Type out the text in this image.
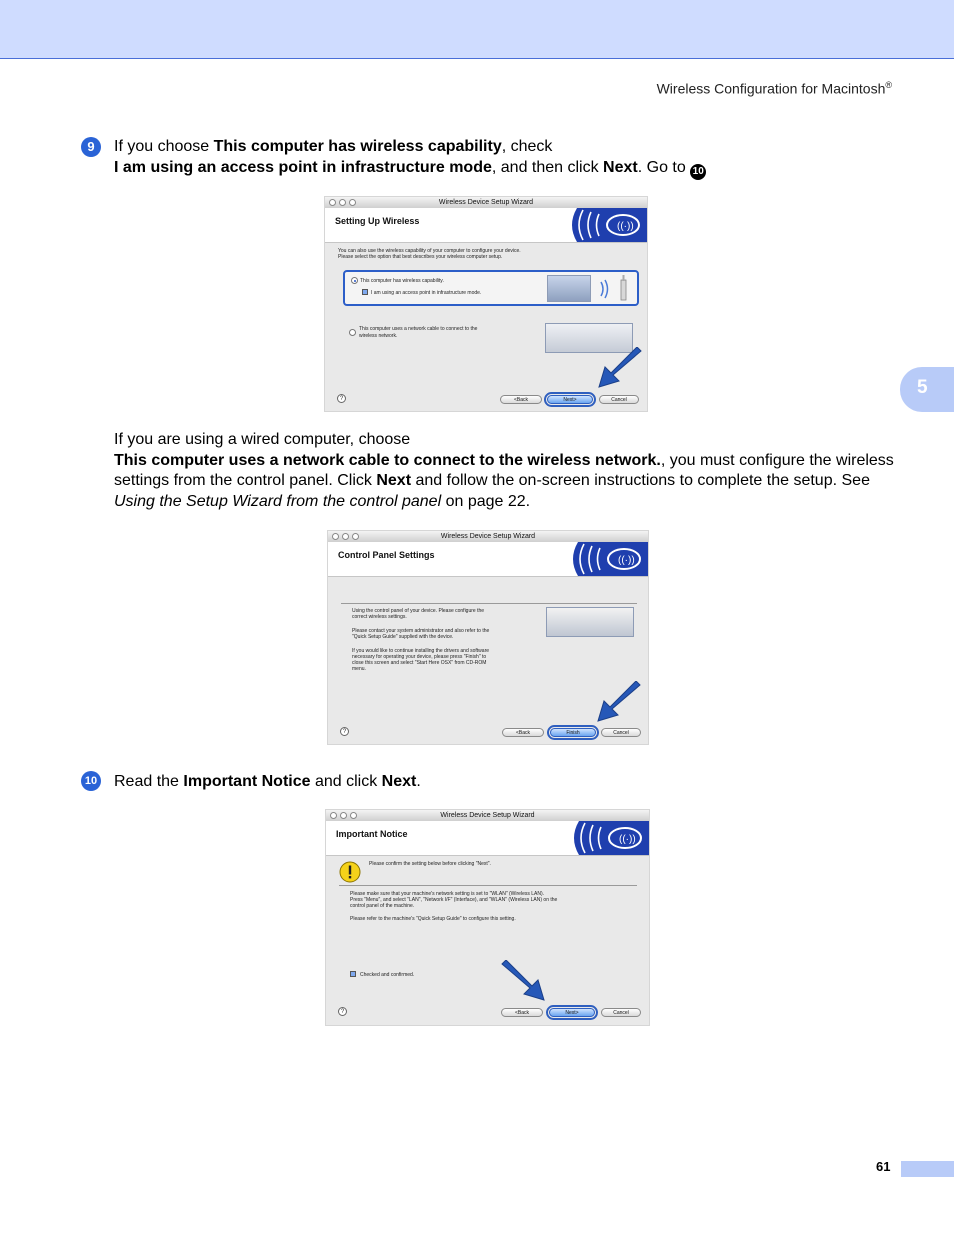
Wireless Configuration for Macintosh®
5
9	If you choose This computer has wireless capability, check
I am using an access point in infrastructure mode, and then click Next. Go to 10
Wireless Device Setup Wizard
Setting Up Wireless	((·))
You can also use the wireless capability of your computer to configure your device.
Please select the option that best describes your wireless computer setup.
This computer has wireless capability.
I am using an access point in infrastructure mode.
This computer uses a network cable to connect to the
wireless network.
?	<Back	Next>	Cancel
If you are using a wired computer, choose
This computer uses a network cable to connect to the wireless network., you must configure the wireless settings from the control panel. Click Next and follow the on-screen instructions to complete the setup. See Using the Setup Wizard from the control panel on page 22.
Wireless Device Setup Wizard
Control Panel Settings	((·))
Using the control panel of your device. Please configure the
correct wireless settings.
Please contact your system administrator and also refer to the
"Quick Setup Guide" supplied with the device.
If you would like to continue installing the drivers and software
necessary for operating your device, please press "Finish" to
close this screen and select "Start Here OSX" from CD-ROM
menu.
?	<Back	Finish	Cancel
10 Read the Important Notice and click Next.
Wireless Device Setup Wizard
Important Notice	((·))
Please confirm the setting below before clicking "Next".
Please make sure that your machine's network setting is set to "WLAN" (Wireless LAN).
Press "Menu", and select "LAN", "Network I/F" (Interface), and "WLAN" (Wireless LAN) on the
control panel of the machine.
Please refer to the machine's "Quick Setup Guide" to configure this setting.
Checked and confirmed.
?	<Back	Next>	Cancel
61
